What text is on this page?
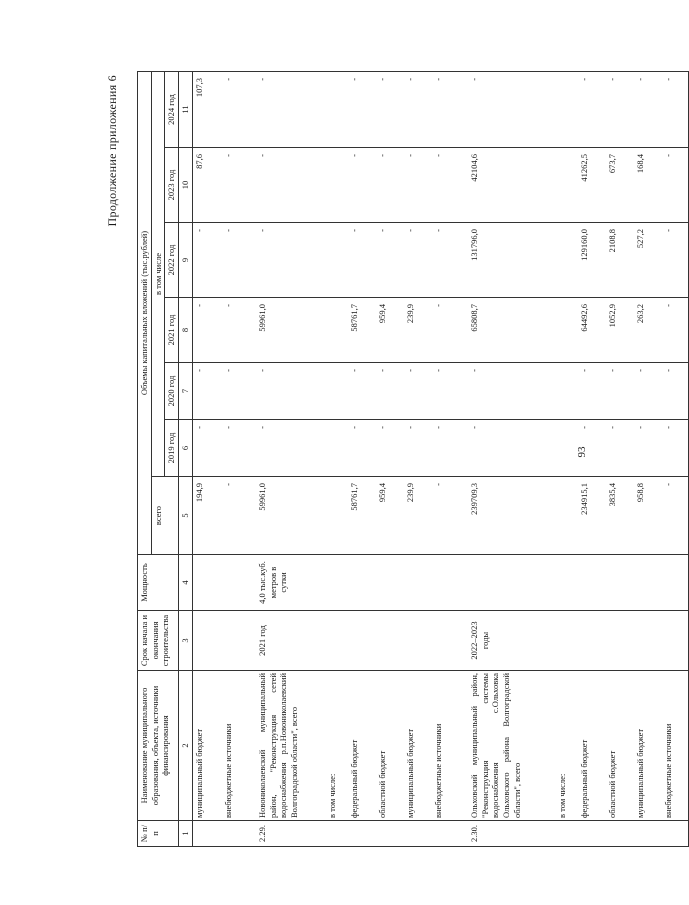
93
Продолжение приложения 6
№ п/п	Наименование муниципального образования, объекта, источники финансирования	Срок начала и окончания строительства	Мощность	Объемы капитальных вложений (тыс.рублей)						
				всего	в том числе					
					2019 год	2020 год	2021 год	2022 год	2023 год	2024 год
1	2	3	4	5	6	7	8	9	10	11
	муниципальный бюджет			194,9	-	-	-	-	87,6	107,3
	внебюджетные источники			-	-	-	-	-	-	-
2.29.	Новониколаевский муниципальный район, "Реконструкция сетей водоснабжения р.п.Новониколаевский Волгоградской области", всего	2021 год	4,0 тыс.куб. метров в сутки	59961,0	-	-	59961,0	-	-	-
	в том числе:									
	федеральный бюджет			58761,7	-	-	58761,7	-	-	-
	областной бюджет			959,4	-	-	959,4	-	-	-
	муниципальный бюджет			239,9	-	-	239,9	-	-	-
	внебюджетные источники			-	-	-	-	-	-	-
2.30.	Ольховский муниципальный район, "Реконструкция системы водоснабжения с.Ольховка Ольховского района Волгоградской области", всего	2022–2023 годы		239709,3	-	-	65808,7	131796,0	42104,6	-
	в том числе:									
	федеральный бюджет			234915,1	-	-	64492,6	129160,0	41262,5	-
	областной бюджет			3835,4	-	-	1052,9	2108,8	673,7	-
	муниципальный бюджет			958,8	-	-	263,2	527,2	168,4	-
	внебюджетные источники			-	-	-	-	-	-	-
